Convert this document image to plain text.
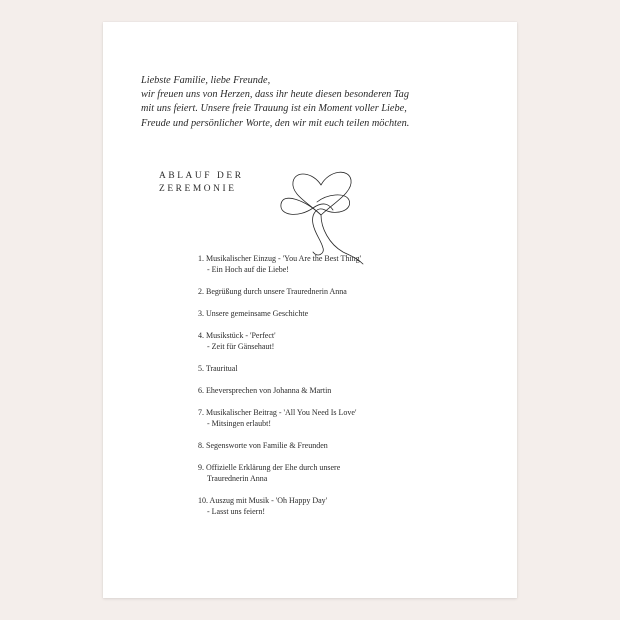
Liebste Familie, liebe Freunde,
wir freuen uns von Herzen, dass ihr heute diesen besonderen Tag
mit uns feiert. Unsere freie Trauung ist ein Moment voller Liebe,
Freude und persönlicher Worte, den wir mit euch teilen möchten.
ABLAUF DER
ZEREMONIE
1. Musikalischer Einzug - 'You Are the Best Thing'
- Ein Hoch auf die Liebe!
2. Begrüßung durch unsere Traurednerin Anna
3. Unsere gemeinsame Geschichte
4. Musikstück - 'Perfect'
- Zeit für Gänsehaut!
5. Trauritual
6. Eheversprechen von Johanna & Martin
7. Musikalischer Beitrag - 'All You Need Is Love'
- Mitsingen erlaubt!
8. Segensworte von Familie & Freunden
9. Offizielle Erklärung der Ehe durch unsere
Traurednerin Anna
10. Auszug mit Musik - 'Oh Happy Day'
- Lasst uns feiern!
